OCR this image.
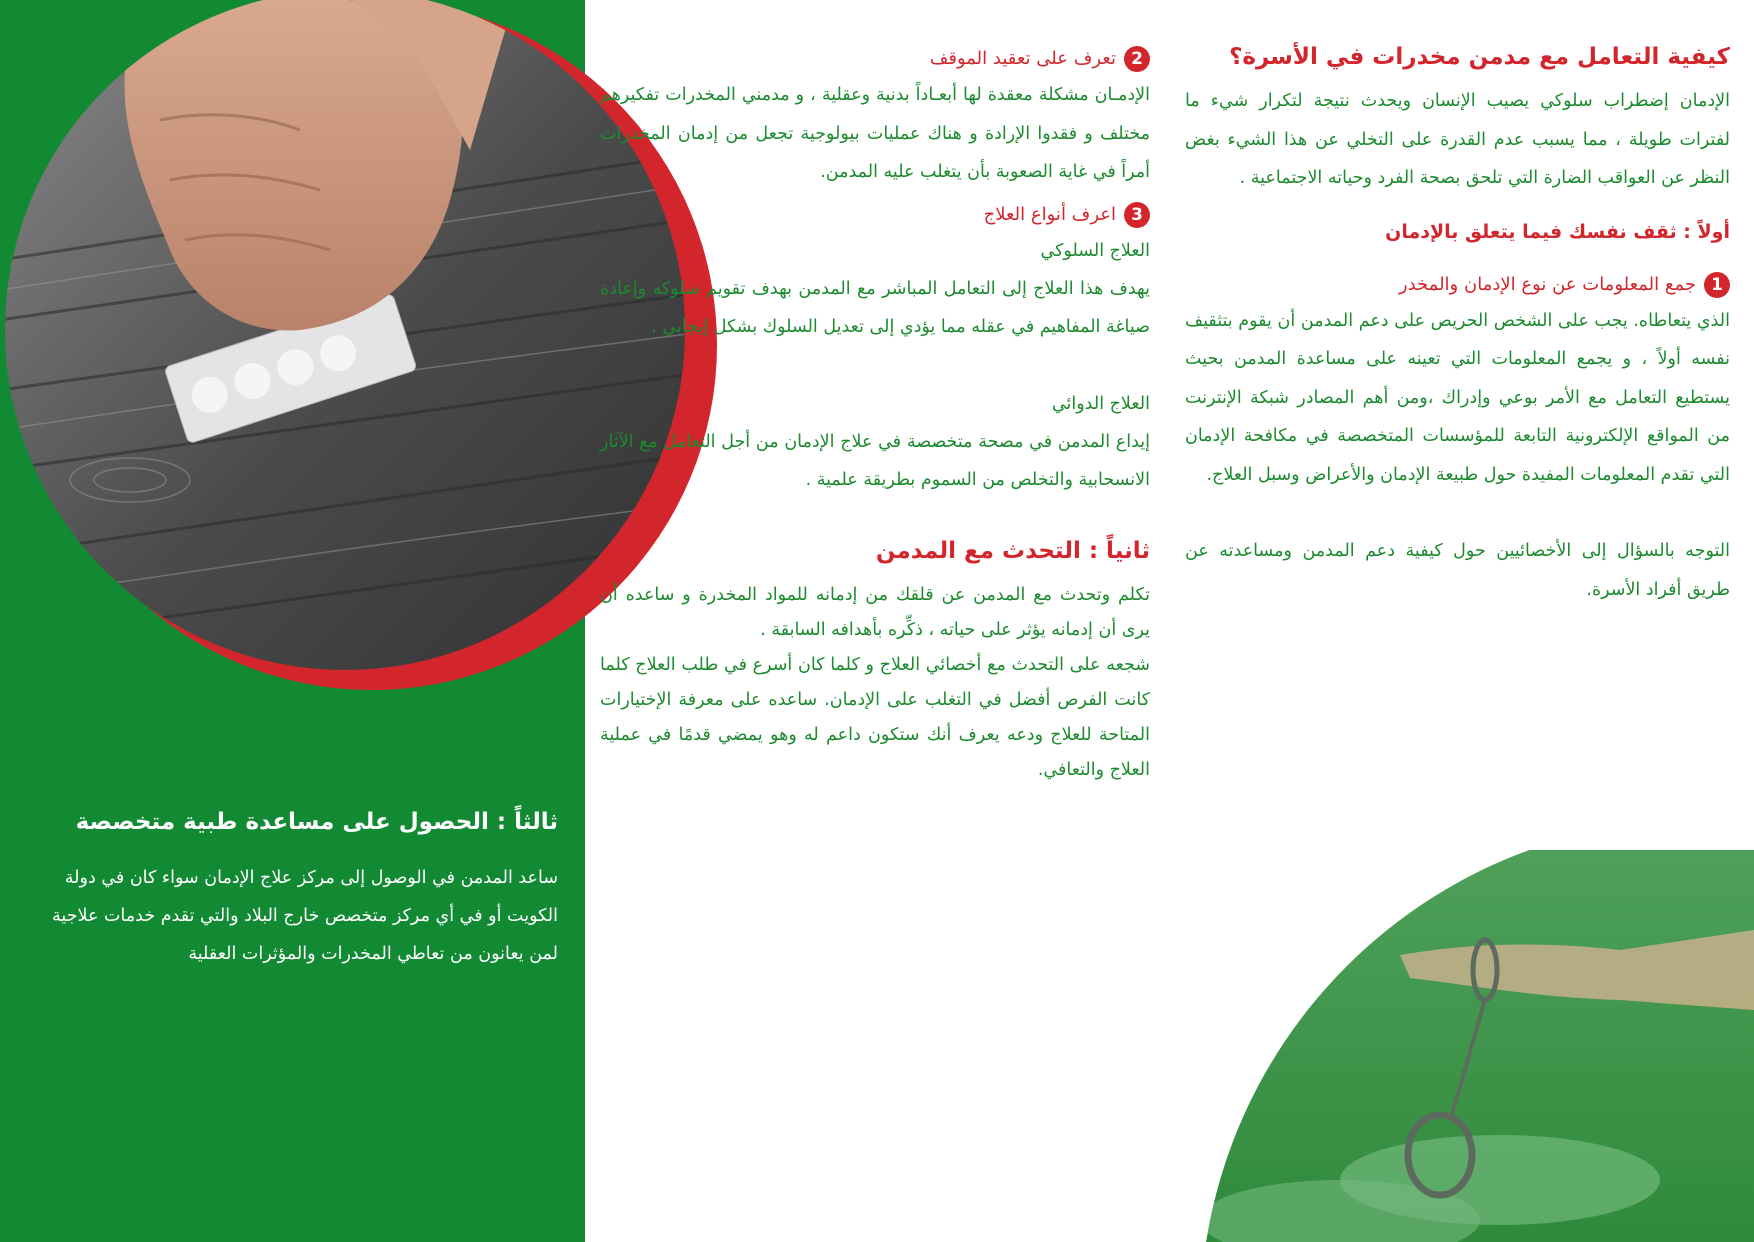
كيفية التعامل مع مدمن مخدرات في الأسرة؟

الإدمان إضطراب سلوكي يصيب الإنسان ويحدث نتيجة لتكرار شيء ما لفترات طويلة ، مما يسبب عدم القدرة على التخلي عن هذا الشيء بغض النظر عن العواقب الضارة التي تلحق بصحة الفرد وحياته الاجتماعية .

أولاً : ثقف نفسك فيما يتعلق بالإدمان

1
جمع المعلومات عن نوع الإدمان والمخدر

الذي يتعاطاه. يجب على الشخص الحريص على دعم المدمن أن يقوم بتثقيف نفسه أولاً ، و يجمع المعلومات التي تعينه على مساعدة المدمن بحيث يستطيع التعامل مع الأمر بوعي وإدراك ،ومن أهم المصادر شبكة الإنترنت من المواقع الإلكترونية التابعة للمؤسسات المتخصصة في مكافحة الإدمان التي تقدم المعلومات المفيدة حول طبيعة الإدمان والأعراض وسبل العلاج.

التوجه بالسؤال إلى الأخصائيين حول كيفية دعم المدمن ومساعدته عن طريق أفراد الأسرة.

2
تعرف على تعقيد الموقف

الإدمـان مشكلة معقدة لها أبعـاداً بدنية وعقلية ، و مدمني المخدرات تفكيرهم مختلف و فقدوا الإرادة و هناك عمليات بيولوجية تجعل من إدمان المخدرات أمراً في غاية الصعوبة بأن يتغلب عليه المدمن.

3
اعرف أنواع العلاج

العلاج السلوكي

يهدف هذا العلاج إلى التعامل المباشر مع المدمن بهدف تقويم سلوكه وإعادة صياغة المفاهيم في عقله مما يؤدي إلى تعديل السلوك بشكل إيجابي .

العلاج الدوائي

إيداع المدمن في مصحة متخصصة في علاج الإدمان من أجل التعامل مع الآثار الانسحابية والتخلص من السموم بطريقة علمية .

ثانياً : التحدث مع المدمن

تكلم وتحدث مع المدمن عن قلقك من إدمانه للمواد المخدرة و ساعده أن يرى أن إدمانه يؤثر على حياته ، ذكِّره بأهدافه السابقة .

شجعه على التحدث مع أخصائي العلاج و كلما كان أسرع في طلب العلاج كلما كانت الفرص أفضل في التغلب على الإدمان. ساعده على معرفة الإختيارات المتاحة للعلاج ودعه يعرف أنك ستكون داعم له وهو يمضي قدمًا في عملية العلاج والتعافي.

ثالثاً : الحصول على مساعدة طبية متخصصة

ساعد المدمن في الوصول إلى مركز علاج الإدمان سواء كان في دولة الكويت أو في أي مركز متخصص خارج البلاد والتي تقدم خدمات علاجية لمن يعانون من تعاطي المخدرات والمؤثرات العقلية
